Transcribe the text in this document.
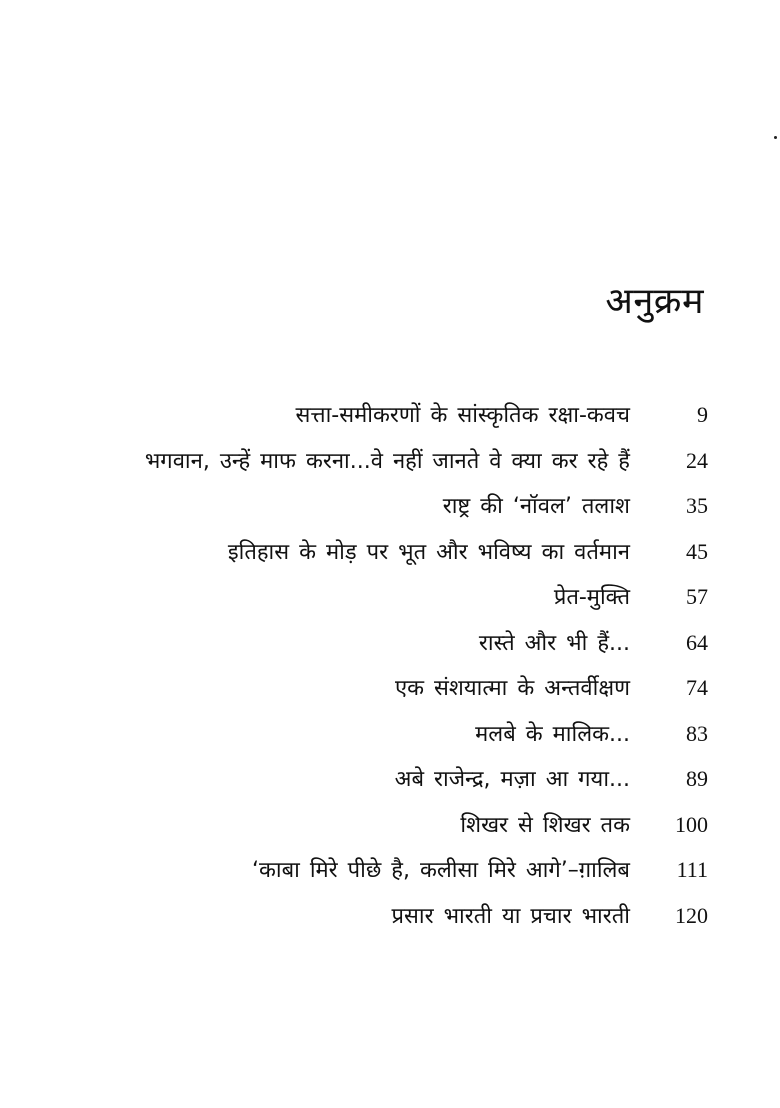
अनुक्रम
सत्ता-समीकरणों के सांस्कृतिक रक्षा-कवच	9
भगवान, उन्हें माफ करना...वे नहीं जानते वे क्या कर रहे हैं	24
राष्ट्र की ‘नॉवल’ तलाश	35
इतिहास के मोड़ पर भूत और भविष्य का वर्तमान	45
प्रेत-मुक्ति	57
रास्ते और भी हैं...	64
एक संशयात्मा के अन्तर्वीक्षण	74
मलबे के मालिक...	83
अबे राजेन्द्र, मज़ा आ गया...	89
शिखर से शिखर तक	100
‘काबा मिरे पीछे है, कलीसा मिरे आगे’–ग़ालिब	111
प्रसार भारती या प्रचार भारती	120
